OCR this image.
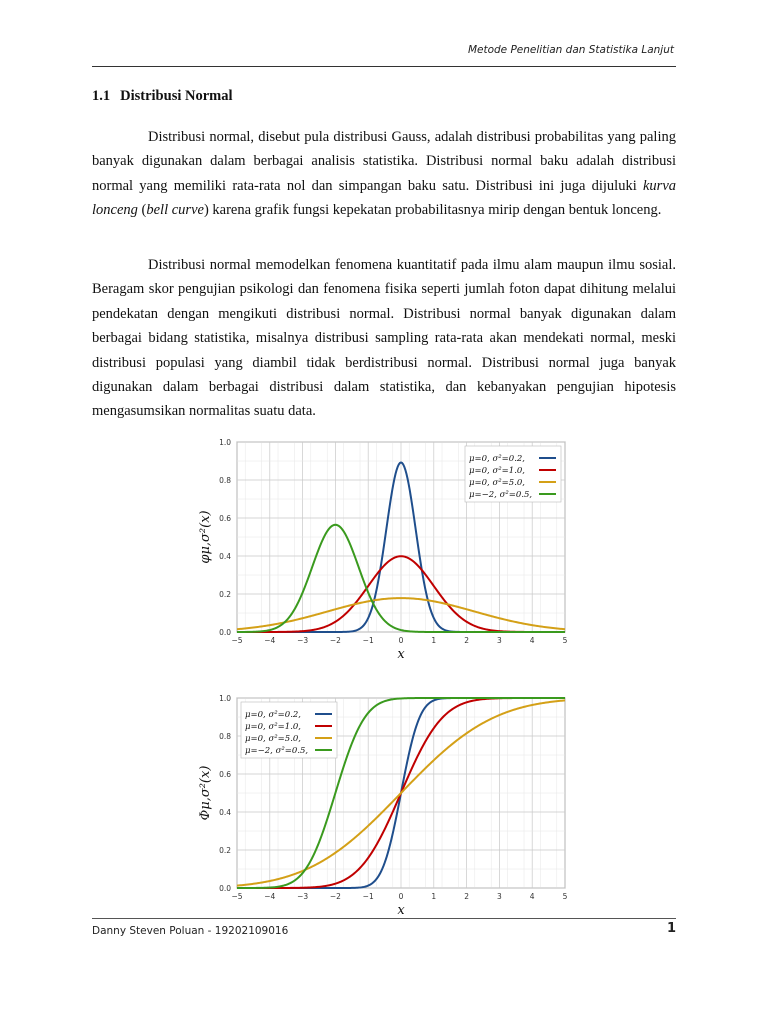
Metode Penelitian dan Statistika Lanjut
1.1 Distribusi Normal

Distribusi normal, disebut pula distribusi Gauss, adalah distribusi probabilitas yang paling banyak digunakan dalam berbagai analisis statistika. Distribusi normal baku adalah distribusi normal yang memiliki rata-rata nol dan simpangan baku satu. Distribusi ini juga dijuluki kurva lonceng (bell curve) karena grafik fungsi kepekatan probabilitasnya mirip dengan bentuk lonceng.

Distribusi normal memodelkan fenomena kuantitatif pada ilmu alam maupun ilmu sosial. Beragam skor pengujian psikologi dan fenomena fisika seperti jumlah foton dapat dihitung melalui pendekatan dengan mengikuti distribusi normal. Distribusi normal banyak digunakan dalam berbagai bidang statistika, misalnya distribusi sampling rata-rata akan mendekati normal, meski distribusi populasi yang diambil tidak berdistribusi normal. Distribusi normal juga banyak digunakan dalam berbagai distribusi dalam statistika, dan kebanyakan pengujian hipotesis mengasumsikan normalitas suatu data.

−5	−4	−3	−2	−1	0	1	2	3	4	5
0.0
0.2
0.4
0.6
0.8
1.0
x
φμ,σ²(x)
μ=0, σ²=0.2,
μ=0, σ²=1.0,
μ=0, σ²=5.0,
μ=−2, σ²=0.5,
−5	−4	−3	−2	−1	0	1	2	3	4	5
0.0
0.2
0.4
0.6
0.8
1.0
x
Φμ,σ²(x)
μ=0, σ²=0.2,
μ=0, σ²=1.0,
μ=0, σ²=5.0,
μ=−2, σ²=0.5,
Danny Steven Poluan - 19202109016	1
